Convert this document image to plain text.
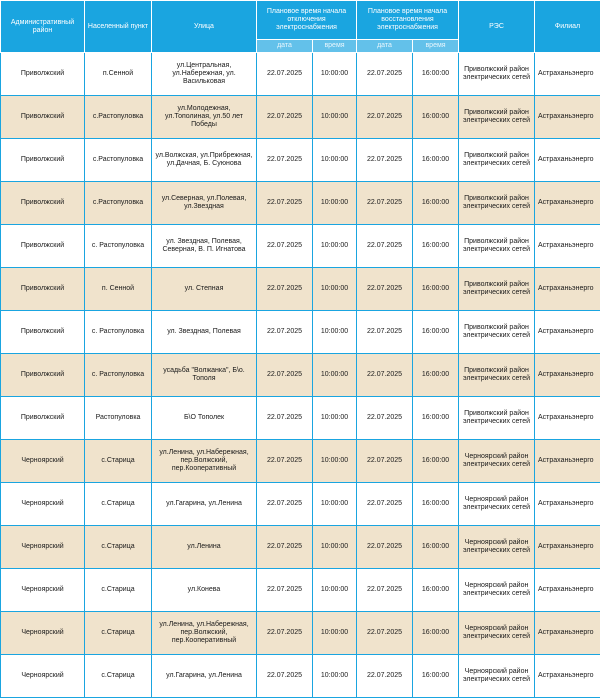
Административный район	Населенный пункт	Улица	Плановое время начала отключения электроснабжения		Плановое время начала восстановления электроснабжения		РЭС	Филиал
			дата	время	дата	время		
Приволжский	п.Сенной	ул.Центральная, ул.Набережная, ул. Васильковая	22.07.2025	10:00:00	22.07.2025	16:00:00	Приволжский район электрических сетей	Астраханьэнерго
Приволжский	с.Растопуловка	ул.Молодежная, ул.Тополиная, ул.50 лет Победы	22.07.2025	10:00:00	22.07.2025	16:00:00	Приволжский район электрических сетей	Астраханьэнерго
Приволжский	с.Растопуловка	ул.Волжская, ул.Прибрежная, ул.Дачная, Б. Суюнова	22.07.2025	10:00:00	22.07.2025	16:00:00	Приволжский район электрических сетей	Астраханьэнерго
Приволжский	с.Растопуловка	ул.Северная, ул.Полевая, ул.Звездная	22.07.2025	10:00:00	22.07.2025	16:00:00	Приволжский район электрических сетей	Астраханьэнерго
Приволжский	с. Растопуловка	ул. Звездная, Полевая, Северная, В. П. Игнатова	22.07.2025	10:00:00	22.07.2025	16:00:00	Приволжский район электрических сетей	Астраханьэнерго
Приволжский	п. Сенной	ул. Степная	22.07.2025	10:00:00	22.07.2025	16:00:00	Приволжский район электрических сетей	Астраханьэнерго
Приволжский	с. Растопуловка	ул. Звездная, Полевая	22.07.2025	10:00:00	22.07.2025	16:00:00	Приволжский район электрических сетей	Астраханьэнерго
Приволжский	с. Растопуловка	усадьба "Волжанка", Б\о. Тополя	22.07.2025	10:00:00	22.07.2025	16:00:00	Приволжский район электрических сетей	Астраханьэнерго
Приволжский	Растопуловка	Б\О Тополек	22.07.2025	10:00:00	22.07.2025	16:00:00	Приволжский район электрических сетей	Астраханьэнерго
Черноярский	с.Старица	ул.Ленина, ул.Набережная, пер.Волжский, пер.Кооперативный	22.07.2025	10:00:00	22.07.2025	16:00:00	Черноярский район электрических сетей	Астраханьэнерго
Черноярский	с.Старица	ул.Гагарина, ул.Ленина	22.07.2025	10:00:00	22.07.2025	16:00:00	Черноярский район электрических сетей	Астраханьэнерго
Черноярский	с.Старица	ул.Ленина	22.07.2025	10:00:00	22.07.2025	16:00:00	Черноярский район электрических сетей	Астраханьэнерго
Черноярский	с.Старица	ул.Конева	22.07.2025	10:00:00	22.07.2025	16:00:00	Черноярский район электрических сетей	Астраханьэнерго
Черноярский	с.Старица	ул.Ленина, ул.Набережная, пер.Волжский, пер.Кооперативный	22.07.2025	10:00:00	22.07.2025	16:00:00	Черноярский район электрических сетей	Астраханьэнерго
Черноярский	с.Старица	ул.Гагарина, ул.Ленина	22.07.2025	10:00:00	22.07.2025	16:00:00	Черноярский район электрических сетей	Астраханьэнерго
